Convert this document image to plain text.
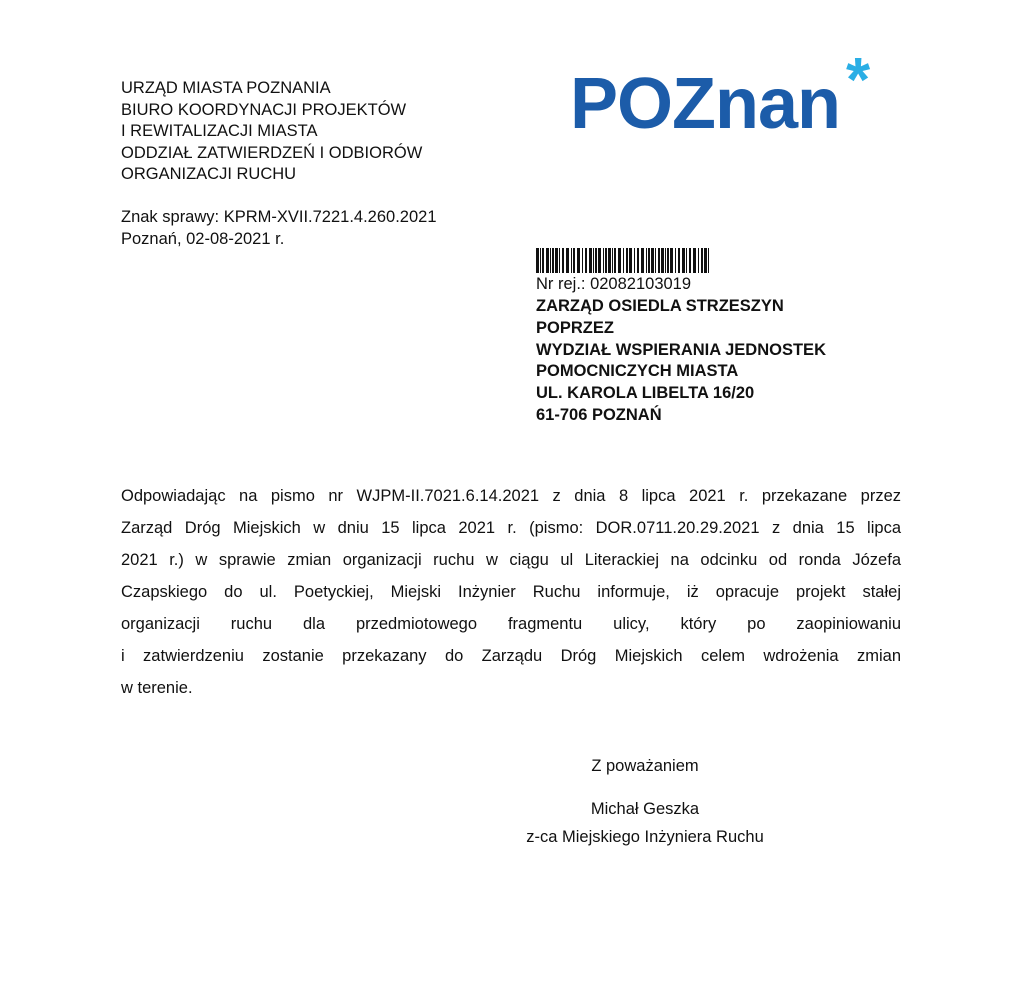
URZĄD MIASTA POZNANIA
BIURO KOORDYNACJI PROJEKTÓW
I REWITALIZACJI MIASTA
ODDZIAŁ ZATWIERDZEŃ I ODBIORÓW
ORGANIZACJI RUCHU
Znak sprawy: KPRM-XVII.7221.4.260.2021
Poznań, 02-08-2021 r.
POZnan *
Nr rej.: 02082103019
ZARZĄD OSIEDLA STRZESZYN
POPRZEZ
WYDZIAŁ WSPIERANIA JEDNOSTEK
POMOCNICZYCH MIASTA
UL. KAROLA LIBELTA 16/20
61-706 POZNAŃ
Odpowiadając na pismo nr WJPM-II.7021.6.14.2021 z dnia 8 lipca 2021 r. przekazane przez
Zarząd Dróg Miejskich w dniu 15 lipca 2021 r. (pismo: DOR.0711.20.29.2021 z dnia 15 lipca
2021 r.) w sprawie zmian organizacji ruchu w ciągu ul Literackiej na odcinku od ronda Józefa
Czapskiego do ul. Poetyckiej, Miejski Inżynier Ruchu informuje, iż opracuje projekt stałej
organizacji ruchu dla przedmiotowego fragmentu ulicy, który po zaopiniowaniu
i zatwierdzeniu zostanie przekazany do Zarządu Dróg Miejskich celem wdrożenia zmian
w terenie.
Z poważaniem
Michał Geszka
z-ca Miejskiego Inżyniera Ruchu
